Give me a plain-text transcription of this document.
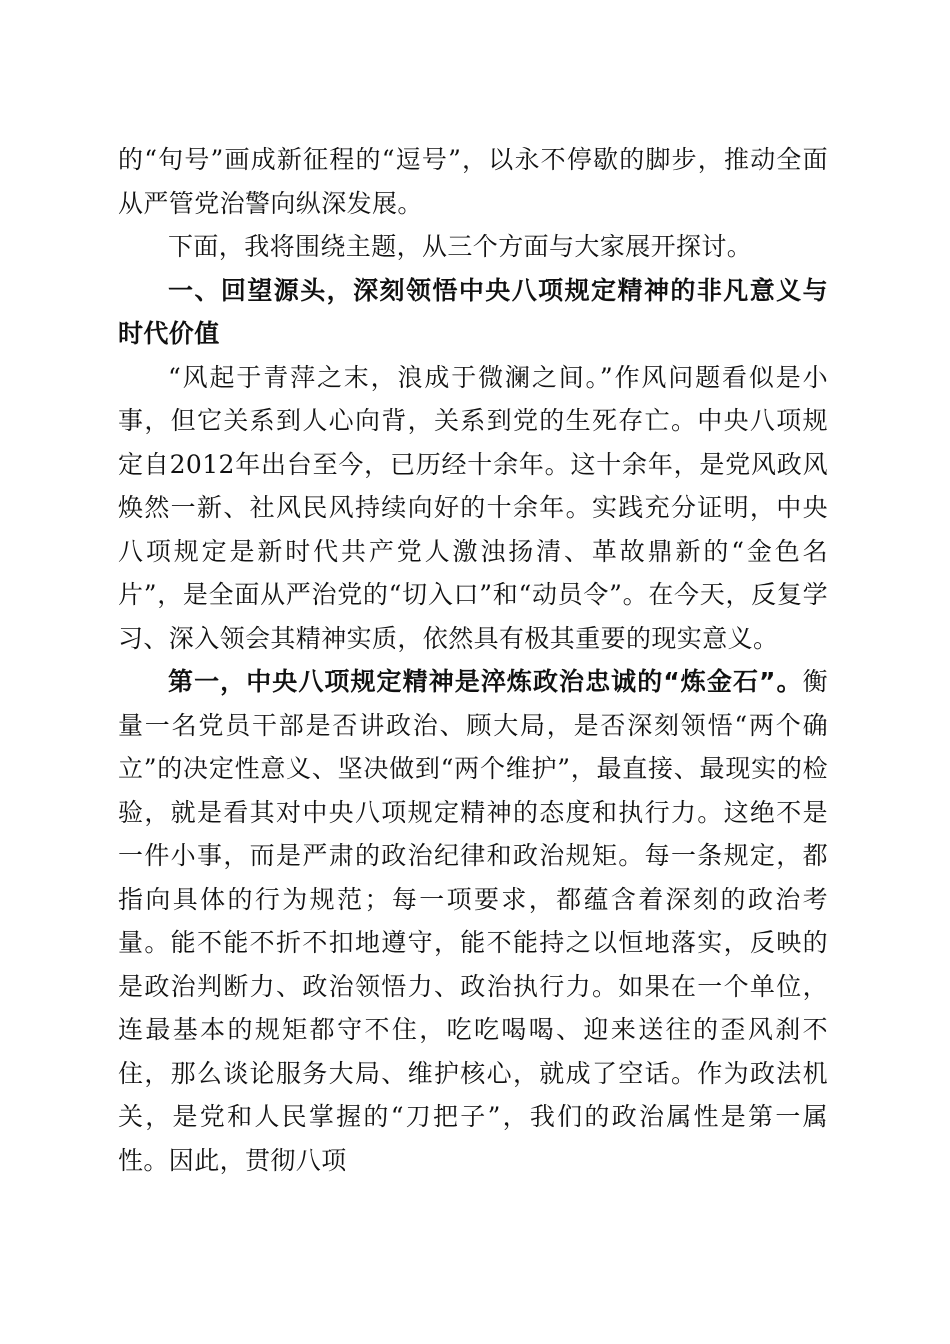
的“句号”画成新征程的“逗号”，以永不停歇的脚步，推动全面从严管党治警向纵深发展。

下面，我将围绕主题，从三个方面与大家展开探讨。

一、回望源头，深刻领悟中央八项规定精神的非凡意义与时代价值

“风起于青萍之末，浪成于微澜之间。”作风问题看似是小事，但它关系到人心向背，关系到党的生死存亡。中央八项规定自2012年出台至今，已历经十余年。这十余年，是党风政风焕然一新、社风民风持续向好的十余年。实践充分证明，中央八项规定是新时代共产党人激浊扬清、革故鼎新的“金色名片”，是全面从严治党的“切入口”和“动员令”。在今天，反复学习、深入领会其精神实质，依然具有极其重要的现实意义。

第一，中央八项规定精神是淬炼政治忠诚的“炼金石”。衡量一名党员干部是否讲政治、顾大局，是否深刻领悟“两个确立”的决定性意义、坚决做到“两个维护”，最直接、最现实的检验，就是看其对中央八项规定精神的态度和执行力。这绝不是一件小事，而是严肃的政治纪律和政治规矩。每一条规定，都指向具体的行为规范；每一项要求，都蕴含着深刻的政治考量。能不能不折不扣地遵守，能不能持之以恒地落实，反映的是政治判断力、政治领悟力、政治执行力。如果在一个单位，连最基本的规矩都守不住，吃吃喝喝、迎来送往的歪风刹不住，那么谈论服务大局、维护核心，就成了空话。作为政法机关，是党和人民掌握的“刀把子”，我们的政治属性是第一属性。因此，贯彻八项
